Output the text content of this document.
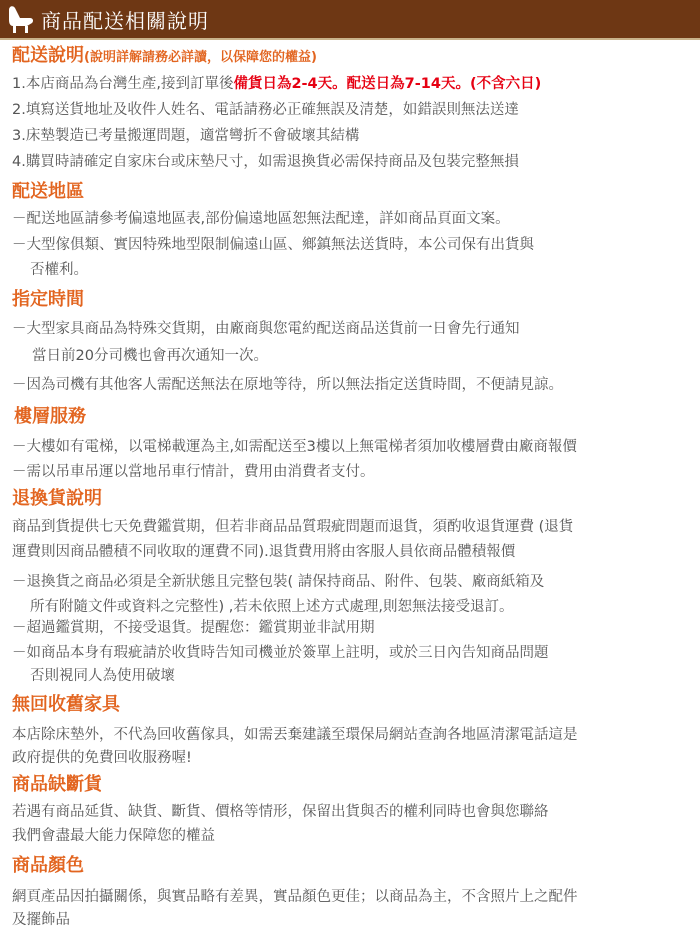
商品配送相關說明
配送說明(說明詳解請務必詳讀，以保障您的權益)
1.本店商品為台灣生產,接到訂單後備貨日為2-4天。配送日為7-14天。(不含六日)
2.填寫送貨地址及收件人姓名、電話請務必正確無誤及清楚，如錯誤則無法送達
3.床墊製造已考量搬運問題，適當彎折不會破壞其結構
4.購買時請確定自家床台或床墊尺寸，如需退換貨必需保持商品及包裝完整無損
配送地區
－配送地區請參考偏遠地區表,部份偏遠地區恕無法配達，詳如商品頁面文案。
－大型傢俱類、實因特殊地型限制偏遠山區、鄉鎮無法送貨時，本公司保有出貨與
否權利。
指定時間
－大型家具商品為特殊交貨期，由廠商與您電約配送商品送貨前一日會先行通知
當日前20分司機也會再次通知一次。
－因為司機有其他客人需配送無法在原地等待，所以無法指定送貨時間，不便請見諒。
樓層服務
－大樓如有電梯，以電梯載運為主,如需配送至3樓以上無電梯者須加收樓層費由廠商報價
－需以吊車吊運以當地吊車行情計，費用由消費者支付。
退換貨說明
商品到貨提供七天免費鑑賞期，但若非商品品質瑕疵問題而退貨，須酌收退貨運費 (退貨
運費則因商品體積不同收取的運費不同).退貨費用將由客服人員依商品體積報價
－退換貨之商品必須是全新狀態且完整包裝( 請保持商品、附件、包裝、廠商紙箱及
所有附隨文件或資料之完整性) ,若未依照上述方式處理,則恕無法接受退訂。
－超過鑑賞期，不接受退貨。提醒您：鑑賞期並非試用期
－如商品本身有瑕疵請於收貨時告知司機並於簽單上註明，或於三日內告知商品問題
否則視同人為使用破壞
無回收舊家具
本店除床墊外，不代為回收舊傢具，如需丟棄建議至環保局網站查詢各地區清潔電話這是
政府提供的免費回收服務喔!
商品缺斷貨
若遇有商品延貨、缺貨、斷貨、價格等情形，保留出貨與否的權利同時也會與您聯絡
我們會盡最大能力保障您的權益
商品顏色
網頁產品因拍攝關係，與實品略有差異，實品顏色更佳；以商品為主，不含照片上之配件
及擺飾品
